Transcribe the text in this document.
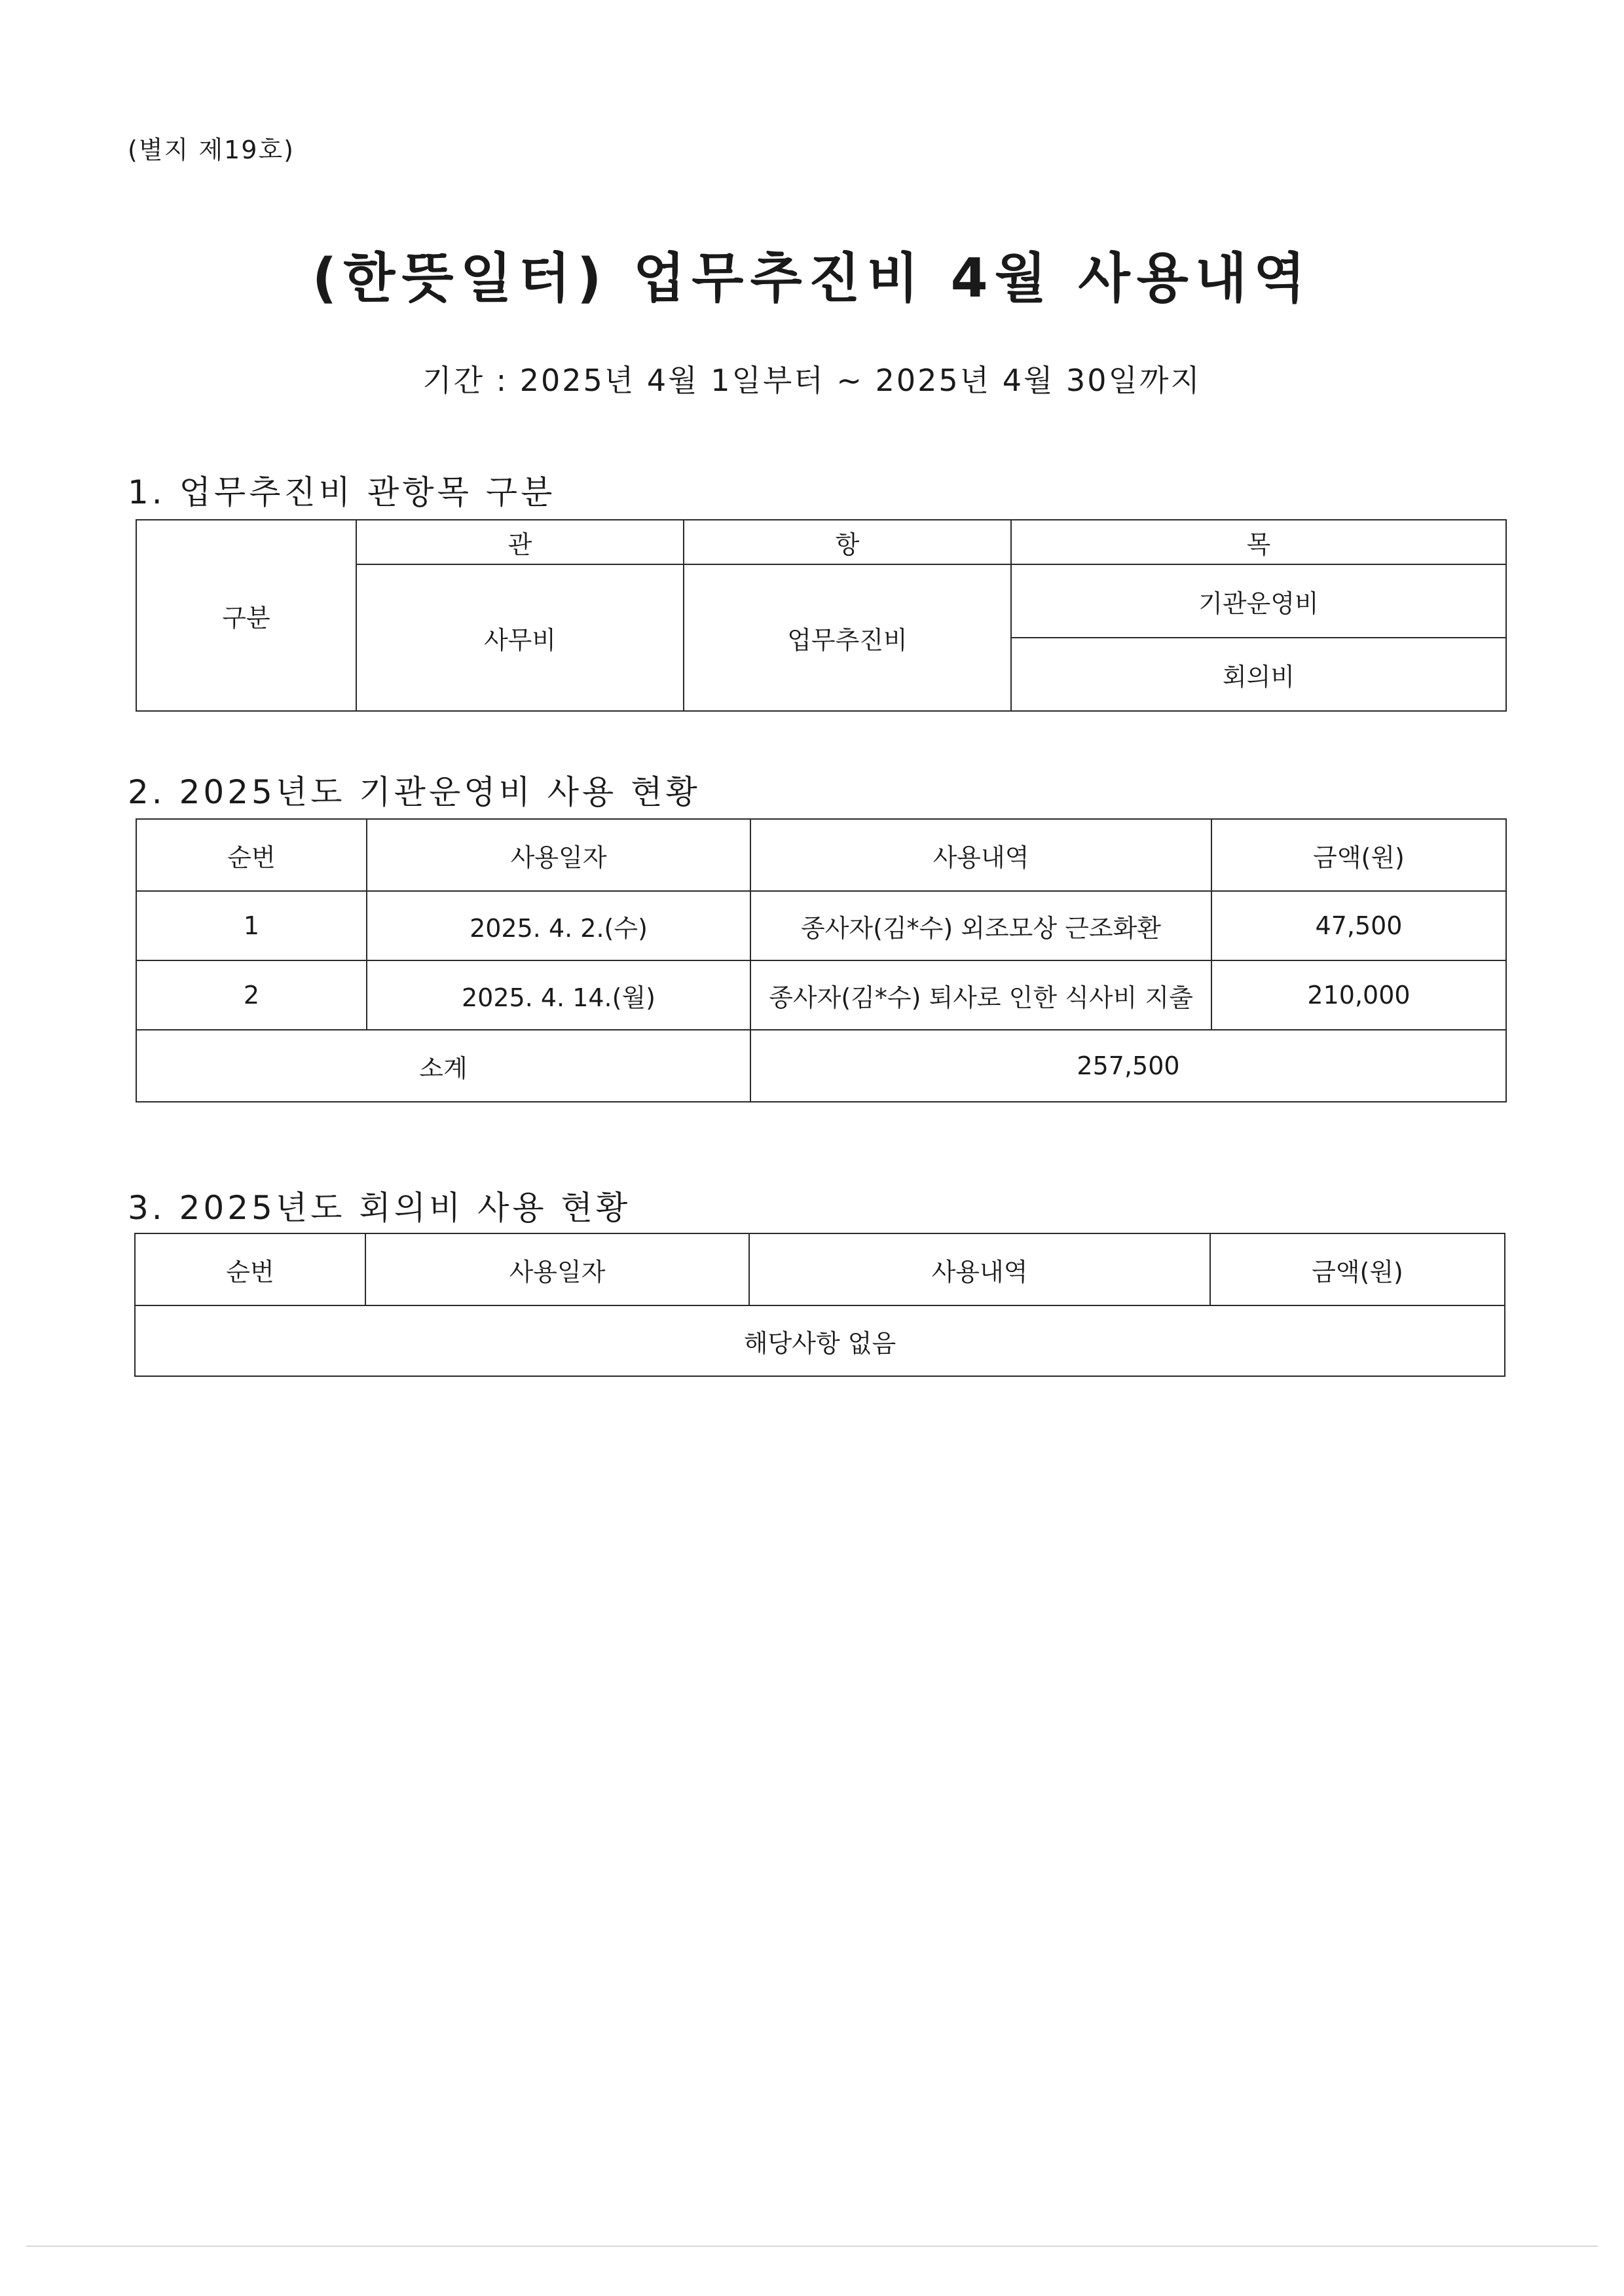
(별지 제19호)
(한뜻일터) 업무추진비 4월 사용내역
기간 : 2025년 4월 1일부터 ~ 2025년 4월 30일까지
1. 업무추진비 관항목 구분
구분	관	항	목
	사무비	업무추진비	기관운영비
			회의비
2. 2025년도 기관운영비 사용 현황
순번	사용일자	사용내역	금액(원)
1	2025. 4. 2.(수)	종사자(김*수) 외조모상 근조화환	47,500
2	2025. 4. 14.(월)	종사자(김*수) 퇴사로 인한 식사비 지출	210,000
소계		257,500	
3. 2025년도 회의비 사용 현황
순번	사용일자	사용내역	금액(원)
해당사항 없음
